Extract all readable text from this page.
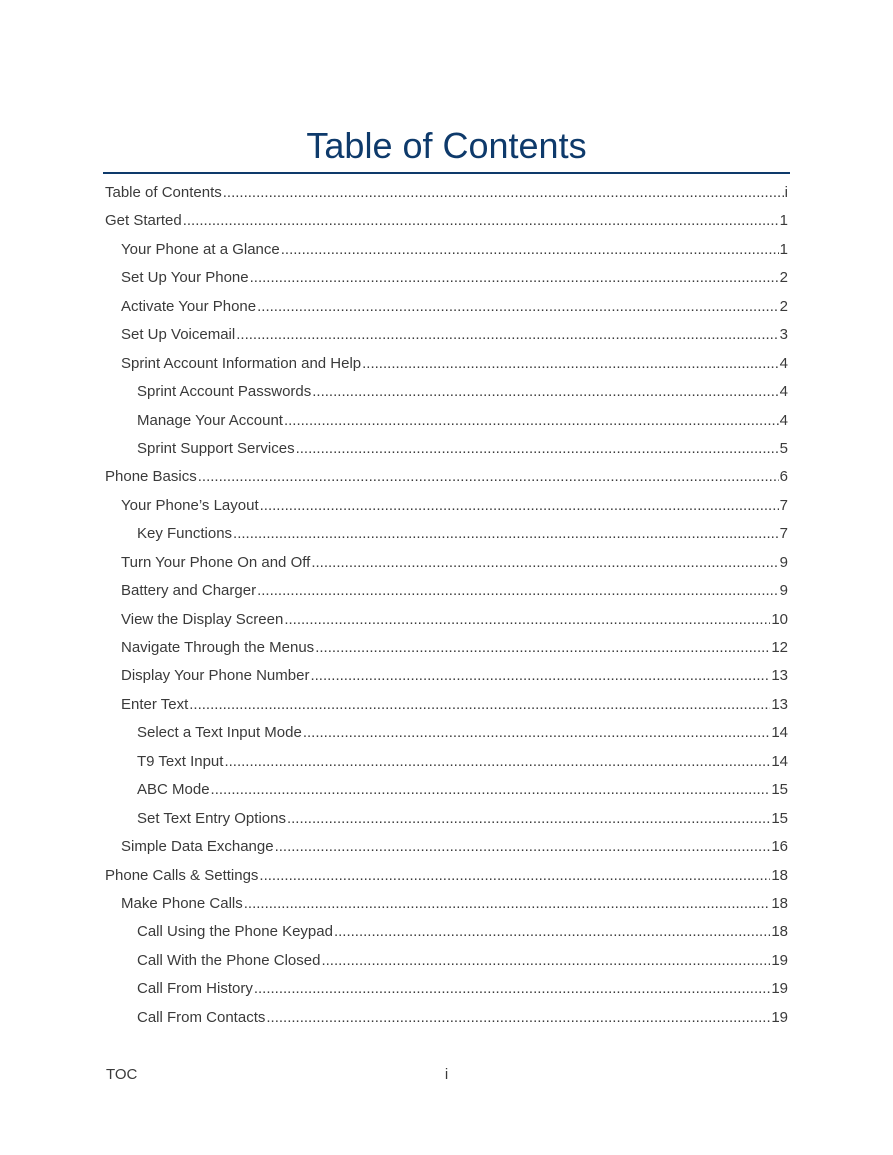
Table of Contents
Table of Contents .....	i
Get Started .....	1
Your Phone at a Glance .....	1
Set Up Your Phone .....	2
Activate Your Phone .....	2
Set Up Voicemail .....	3
Sprint Account Information and Help .....	4
Sprint Account Passwords .....	4
Manage Your Account .....	4
Sprint Support Services .....	5
Phone Basics .....	6
Your Phone’s Layout .....	7
Key Functions .....	7
Turn Your Phone On and Off .....	9
Battery and Charger .....	9
View the Display Screen .....	10
Navigate Through the Menus .....	12
Display Your Phone Number .....	13
Enter Text .....	13
Select a Text Input Mode .....	14
T9 Text Input .....	14
ABC Mode .....	15
Set Text Entry Options .....	15
Simple Data Exchange .....	16
Phone Calls & Settings .....	18
Make Phone Calls .....	18
Call Using the Phone Keypad .....	18
Call With the Phone Closed .....	19
Call From History .....	19
Call From Contacts .....	19
TOC	i
